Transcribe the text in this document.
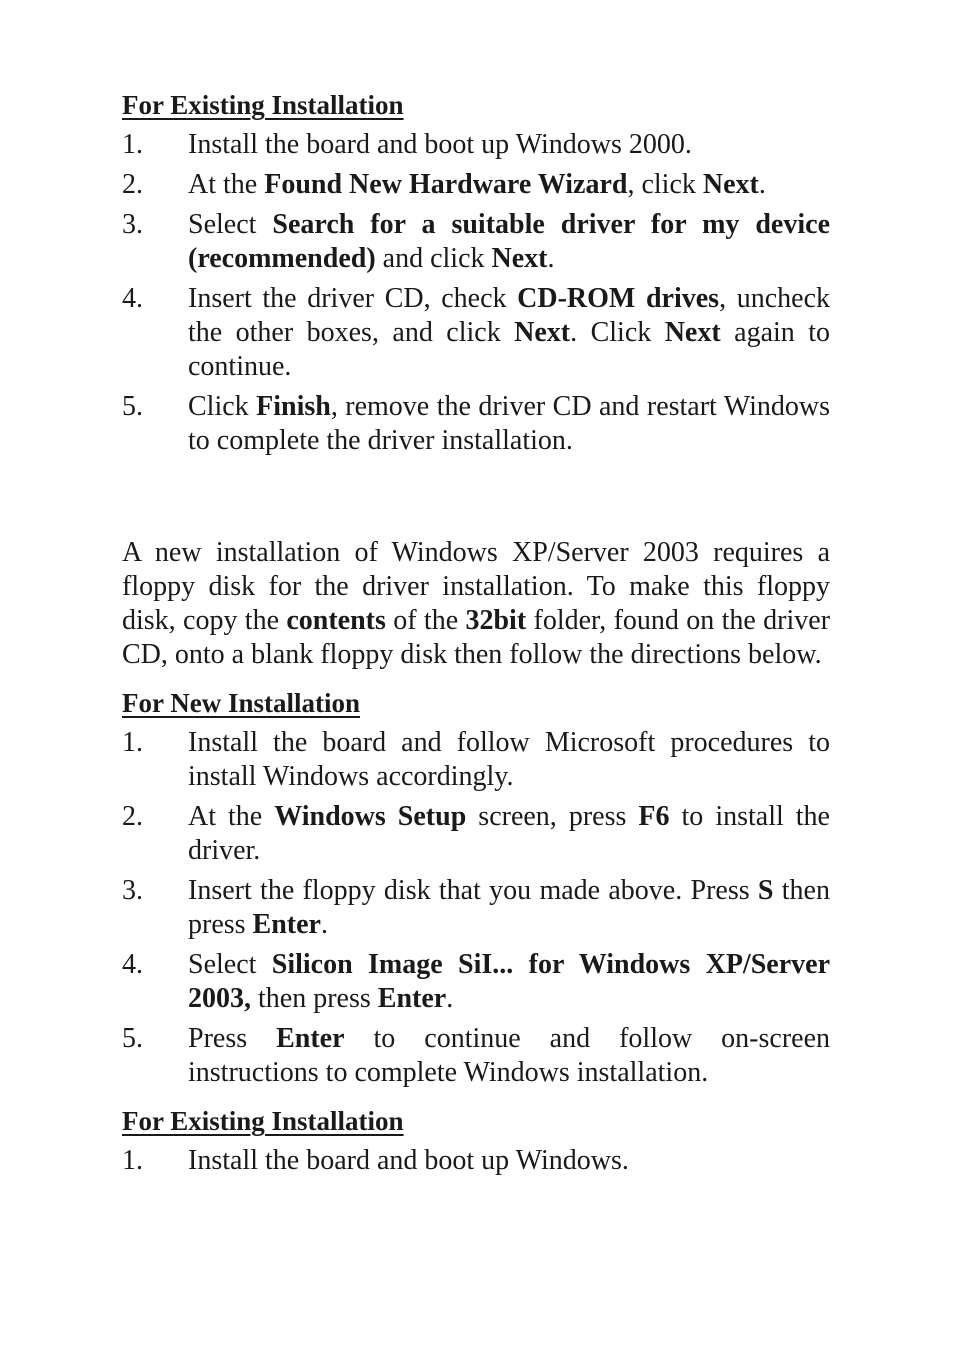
For Existing Installation
1.	Install the board and boot up Windows 2000.
2.	At the Found New Hardware Wizard, click Next.
3.	Select Search for a suitable driver for my device (recommended) and click Next.
4.	Insert the driver CD, check CD-ROM drives, uncheck the other boxes, and click Next. Click Next again to continue.
5.	Click Finish, remove the driver CD and restart Windows to complete the driver installation.

A new installation of Windows XP/Server 2003 requires a floppy disk for the driver installation. To make this floppy disk, copy the contents of the 32bit folder, found on the driver CD, onto a blank floppy disk then follow the directions below.

For New Installation
1.	Install the board and follow Microsoft procedures to install Windows accordingly.
2.	At the Windows Setup screen, press F6 to install the driver.
3.	Insert the floppy disk that you made above. Press S then press Enter.
4.	Select Silicon Image SiI... for Windows XP/Server 2003, then press Enter.
5.	Press Enter to continue and follow on-screen instructions to complete Windows installation.
For Existing Installation
1.	Install the board and boot up Windows.
